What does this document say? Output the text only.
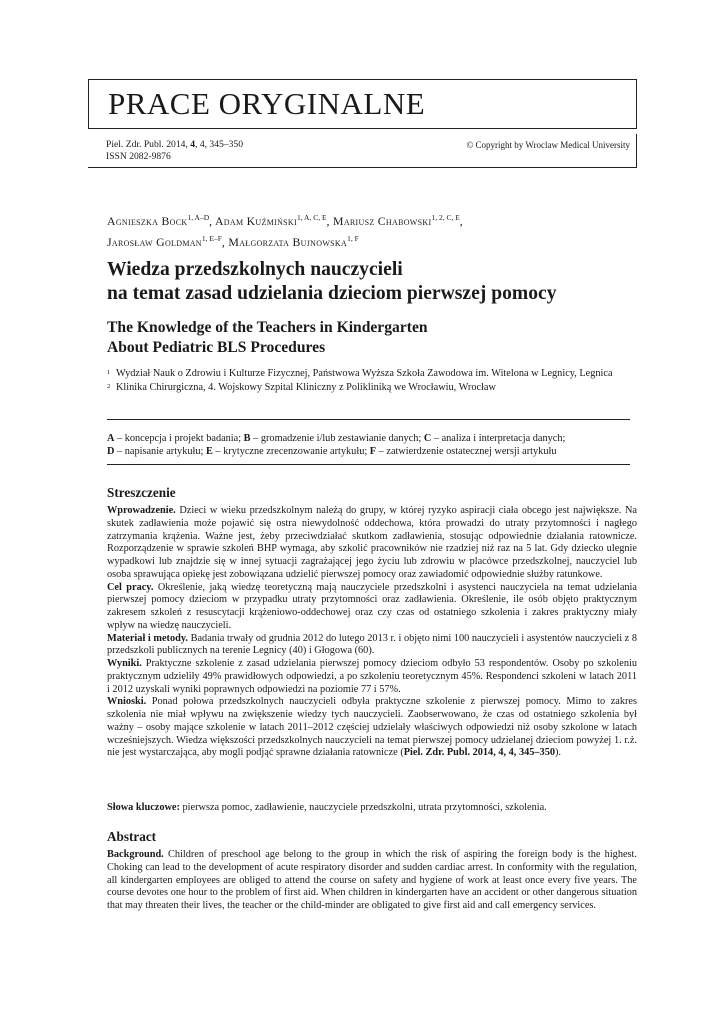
PRACE ORYGINALNE
Piel. Zdr. Publ. 2014, 4, 4, 345–350
ISSN 2082-9876
© Copyright by Wroclaw Medical University
Agnieszka Bock$^{1, A-D}$, Adam Kuźmiński$^{1, A, C, E}$, Mariusz Chabowski$^{1, 2, C, E}$,
Jarosław Goldman$^{1, E-F}$, Małgorzata Bujnowska$^{1, F}$
Wiedza przedszkolnych nauczycieli
na temat zasad udzielania dzieciom pierwszej pomocy
The Knowledge of the Teachers in Kindergarten
About Pediatric BLS Procedures
1 Wydział Nauk o Zdrowiu i Kulturze Fizycznej, Państwowa Wyższa Szkoła Zawodowa im. Witelona w Legnicy, Legnica
2 Klinika Chirurgiczna, 4. Wojskowy Szpital Kliniczny z Polikliniką we Wrocławiu, Wrocław
A – koncepcja i projekt badania; B – gromadzenie i/lub zestawianie danych; C – analiza i interpretacja danych;
D – napisanie artykułu; E – krytyczne zrecenzowanie artykułu; F – zatwierdzenie ostatecznej wersji artykułu
Streszczenie

Wprowadzenie. Dzieci w wieku przedszkolnym należą do grupy, w której ryzyko aspiracji ciała obcego jest największe. Na skutek zadławienia może pojawić się ostra niewydolność oddechowa, która prowadzi do utraty przytomności i nagłego zatrzymania krążenia. Ważne jest, żeby przeciwdziałać skutkom zadławienia, stosując odpowiednie działania ratownicze. Rozporządzenie w sprawie szkoleń BHP wymaga, aby szkolić pracowników nie rzadziej niż raz na 5 lat. Gdy dziecko ulegnie wypadkowi lub znajdzie się w innej sytuacji zagrażającej jego życiu lub zdrowiu w placówce przedszkolnej, nauczyciel lub osoba sprawująca opiekę jest zobowiązana udzielić pierwszej pomocy oraz zawiadomić odpowiednie służby ratunkowe.

Cel pracy. Określenie, jaką wiedzę teoretyczną mają nauczyciele przedszkolni i asystenci nauczyciela na temat udzielania pierwszej pomocy dzieciom w przypadku utraty przytomności oraz zadławienia. Określenie, ile osób objęto praktycznym zakresem szkoleń z resuscytacji krążeniowo-oddechowej oraz czy czas od ostatniego szkolenia i zakres praktyczny miały wpływ na wiedzę nauczycieli.

Materiał i metody. Badania trwały od grudnia 2012 do lutego 2013 r. i objęto nimi 100 nauczycieli i asystentów nauczycieli z 8 przedszkoli publicznych na terenie Legnicy (40) i Głogowa (60).

Wyniki. Praktyczne szkolenie z zasad udzielania pierwszej pomocy dzieciom odbyło 53 respondentów. Osoby po szkoleniu praktycznym udzieliły 49% prawidłowych odpowiedzi, a po szkoleniu teoretycznym 45%. Respondenci szkoleni w latach 2011 i 2012 uzyskali wyniki poprawnych odpowiedzi na poziomie 77 i 57%.

Wnioski. Ponad połowa przedszkolnych nauczycieli odbyła praktyczne szkolenie z pierwszej pomocy. Mimo to zakres szkolenia nie miał wpływu na zwiększenie wiedzy tych nauczycieli. Zaobserwowano, że czas od ostatniego szkolenia był ważny – osoby mające szkolenie w latach 2011–2012 częściej udzielały właściwych odpowiedzi niż osoby szkolone w latach wcześniejszych. Wiedza większości przedszkolnych nauczycieli na temat pierwszej pomocy udzielanej dzieciom powyżej 1. r.ż. nie jest wystarczająca, aby mogli podjąć sprawne działania ratownicze (Piel. Zdr. Publ. 2014, 4, 4, 345–350).

Słowa kluczowe: pierwsza pomoc, zadławienie, nauczyciele przedszkolni, utrata przytomności, szkolenia.
Abstract

Background. Children of preschool age belong to the group in which the risk of aspiring the foreign body is the highest. Choking can lead to the development of acute respiratory disorder and sudden cardiac arrest. In conformity with the regulation, all kindergarten employees are obliged to attend the course on safety and hygiene of work at least once every five years. The course devotes one hour to the problem of first aid. When children in kindergarten have an accident or other dangerous situation that may threaten their lives, the teacher or the child-minder are obligated to give first aid and call emergency services.
